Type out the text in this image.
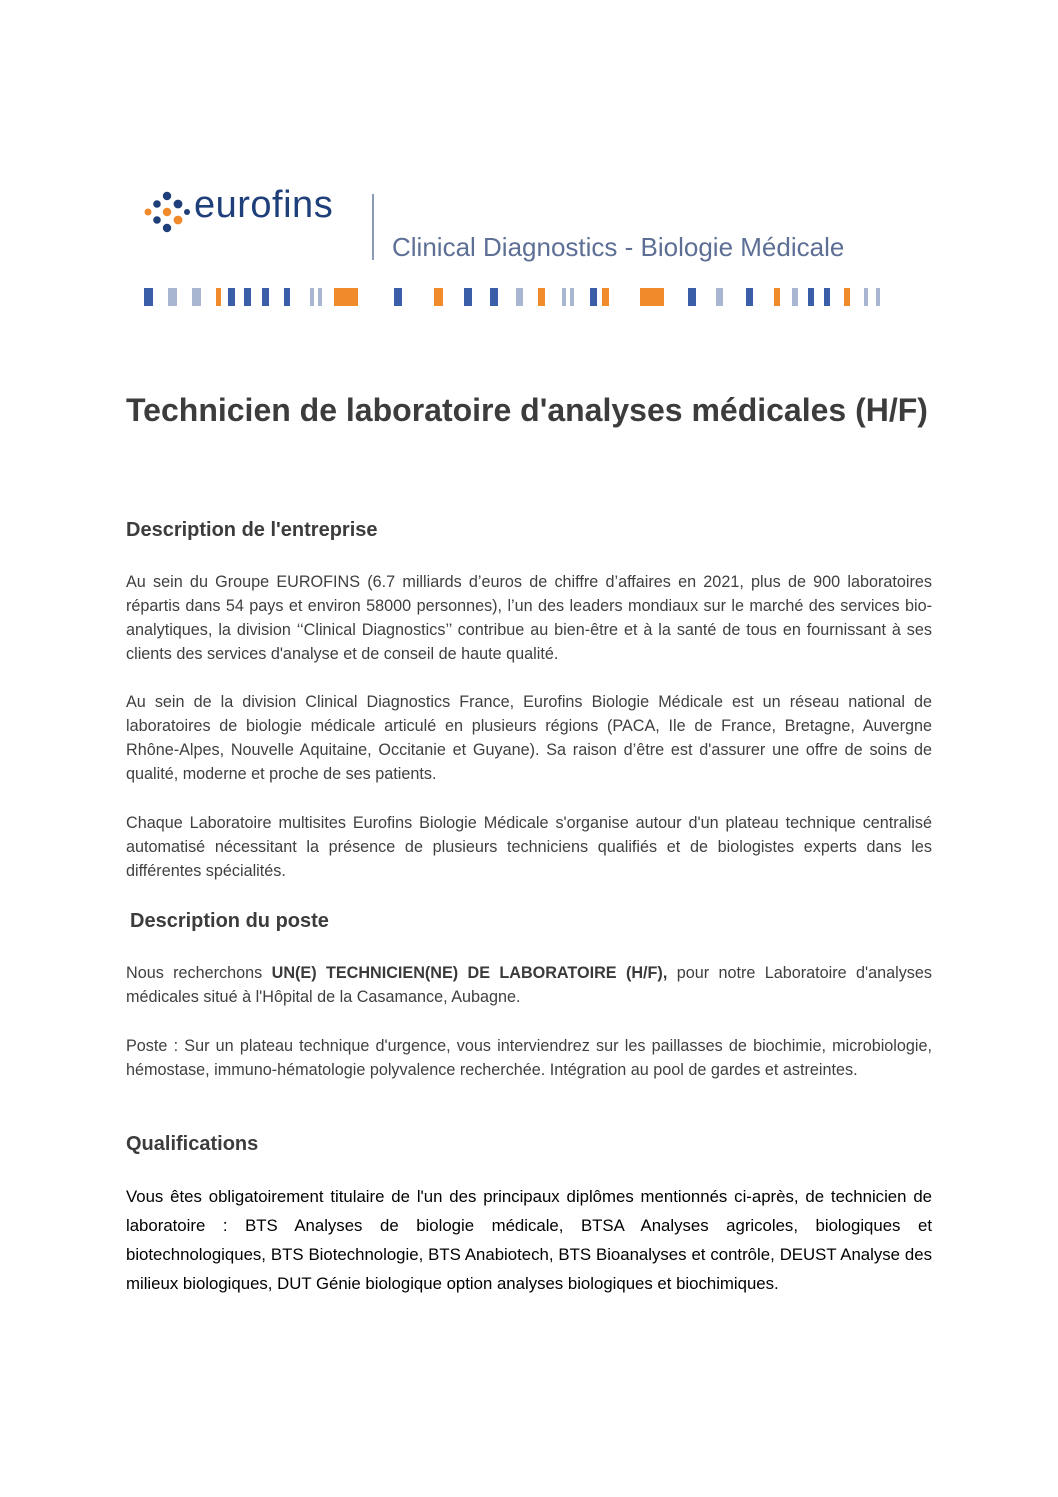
eurofins
Clinical Diagnostics - Biologie Médicale
Technicien de laboratoire d'analyses médicales (H/F)
Description de l'entreprise

Au sein du Groupe EUROFINS (6.7 milliards d’euros de chiffre d’affaires en 2021, plus de 900 laboratoires répartis dans 54 pays et environ 58000 personnes), l’un des leaders mondiaux sur le marché des services bio-analytiques, la division ‘‘Clinical Diagnostics’’ contribue au bien-être et à la santé de tous en fournissant à ses clients des services d'analyse et de conseil de haute qualité.

Au sein de la division Clinical Diagnostics France, Eurofins Biologie Médicale est un réseau national de laboratoires de biologie médicale articulé en plusieurs régions (PACA, Ile de France, Bretagne, Auvergne Rhône-Alpes, Nouvelle Aquitaine, Occitanie et Guyane). Sa raison d’être est d'assurer une offre de soins de qualité, moderne et proche de ses patients.

Chaque Laboratoire multisites Eurofins Biologie Médicale s'organise autour d'un plateau technique centralisé automatisé nécessitant la présence de plusieurs techniciens qualifiés et de biologistes experts dans les différentes spécialités.

Description du poste

Nous recherchons UN(E) TECHNICIEN(NE) DE LABORATOIRE (H/F), pour notre Laboratoire d'analyses médicales situé à l'Hôpital de la Casamance, Aubagne.

Poste : Sur un plateau technique d'urgence, vous interviendrez sur les paillasses de biochimie, microbiologie, hémostase, immuno-hématologie polyvalence recherchée. Intégration au pool de gardes et astreintes.

Qualifications

Vous êtes obligatoirement titulaire de l'un des principaux diplômes mentionnés ci-après, de technicien de laboratoire : BTS Analyses de biologie médicale, BTSA Analyses agricoles, biologiques et biotechnologiques, BTS Biotechnologie, BTS Anabiotech, BTS Bioanalyses et contrôle, DEUST Analyse des milieux biologiques, DUT Génie biologique option analyses biologiques et biochimiques.
